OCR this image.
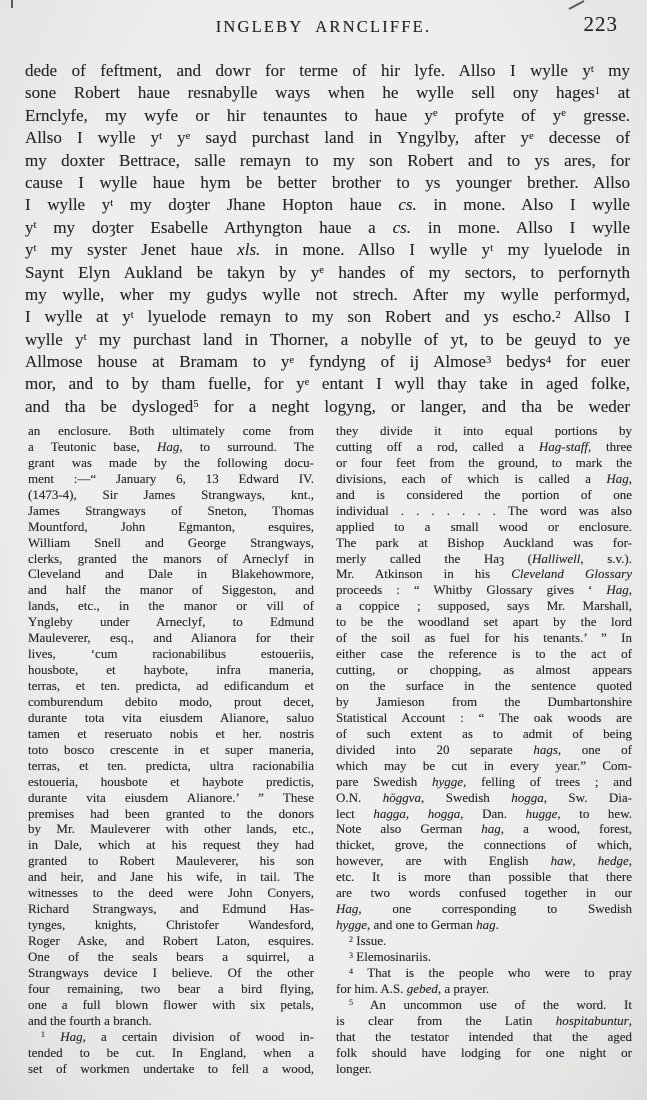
INGLEBY ARNCLIFFE.	223
dede of feftment, and dowr for terme of hir lyfe. Allso I wylle $y^t$ my
sone Robert haue resnabylle ways when he wylle sell ony hages$^1$ at
Ernclyfe, my wyfe or hir tenauntes to haue $y^e$ profyte of $y^e$ gresse.
Allso I wylle $y^t$ $y^e$ sayd purchast land in Yngylby, after $y^e$ decesse of
my doxter Bettrace, salle remayn to my son Robert and to ys ares, for
cause I wylle haue hym be better brother to ys younger brether. Allso
I wylle $y^t$ my doȝter Jhane Hopton haue cs. in mone. Also I wylle
$y^t$ my doȝter Esabelle Arthyngton haue a cs. in mone. Allso I wylle
$y^t$ my syster Jenet haue xls. in mone. Allso I wylle $y^t$ my lyuelode in
Saynt Elyn Aukland be takyn by $y^e$ handes of my sectors, to perfornyth
my wylle, wher my gudys wylle not strech. After my wylle performyd,
I wylle at $y^t$ lyuelode remayn to my son Robert and ys escho.$^2$ Allso I
wylle $y^t$ my purchast land in Thorner, a nobylle of yt, to be geuyd to ye
Allmose house at Bramam to $y^e$ fyndyng of ij Almose$^3$ bedys$^4$ for euer
mor, and to by tham fuelle, for $y^e$ entant I wyll thay take in aged folke,
and tha be dysloged$^5$ for a neght logyng, or langer, and tha be weder
an enclosure. Both ultimately come from
a Teutonic base, Hag, to surround. The
grant was made by the following docu-
ment :—“ January 6, 13 Edward IV.
(1473-4), Sir James Strangways, knt.,
James Strangways of Sneton, Thomas
Mountford, John Egmanton, esquires,
William Snell and George Strangways,
clerks, granted the manors of Arneclyf in
Cleveland and Dale in Blakehowmore,
and half the manor of Siggeston, and
lands, etc., in the manor or vill of
Yngleby under Arneclyf, to Edmund
Mauleverer, esq., and Alianora for their
lives, ‘cum racionabilibus estoueriis,
housbote, et haybote, infra maneria,
terras, et ten. predicta, ad edificandum et
comburendum debito modo, prout decet,
durante tota vita eiusdem Alianore, saluo
tamen et reseruato nobis et her. nostris
toto bosco crescente in et super maneria,
terras, et ten. predicta, ultra racionabilia
estoueria, housbote et haybote predictis,
durante vita eiusdem Alianore.’ ” These
premises had been granted to the donors
by Mr. Mauleverer with other lands, etc.,
in Dale, which at his request they had
granted to Robert Mauleverer, his son
and heir, and Jane his wife, in tail. The
witnesses to the deed were John Conyers,
Richard Strangways, and Edmund Has-
tynges, knights, Christofer Wandesford,
Roger Aske, and Robert Laton, esquires.
One of the seals bears a squirrel, a
Strangways device I believe. Of the other
four remaining, two bear a bird flying,
one a full blown flower with six petals,
and the fourth a branch.
$^1$ Hag, a certain division of wood in-
tended to be cut. In England, when a
set of workmen undertake to fell a wood,
they divide it into equal portions by
cutting off a rod, called a Hag-staff, three
or four feet from the ground, to mark the
divisions, each of which is called a Hag,
and is considered the portion of one
individual . . . . . . . The word was also
applied to a small wood or enclosure.
The park at Bishop Auckland was for-
merly called the Haȝ (Halliwell, s.v.).
Mr. Atkinson in his Cleveland Glossary
proceeds : “ Whitby Glossary gives ‘ Hag,
a coppice ; supposed, says Mr. Marshall,
to be the woodland set apart by the lord
of the soil as fuel for his tenants.’ ” In
either case the reference is to the act of
cutting, or chopping, as almost appears
on the surface in the sentence quoted
by Jamieson from the Dumbartonshire
Statistical Account : “ The oak woods are
of such extent as to admit of being
divided into 20 separate hags, one of
which may be cut in every year.” Com-
pare Swedish hygge, felling of trees ; and
O.N. höggva, Swedish hogga, Sw. Dia-
lect hagga, hogga, Dan. hugge, to hew.
Note also German hag, a wood, forest,
thicket, grove, the connections of which,
however, are with English haw, hedge,
etc. It is more than possible that there
are two words confused together in our
Hag, one corresponding to Swedish
hygge, and one to German hag.
$^2$ Issue.
$^3$ Elemosinariis.
$^4$ That is the people who were to pray
for him. A.S. gebed, a prayer.
$^5$ An uncommon use of the word. It
is clear from the Latin hospitabuntur,
that the testator intended that the aged
folk should have lodging for one night or
longer.
